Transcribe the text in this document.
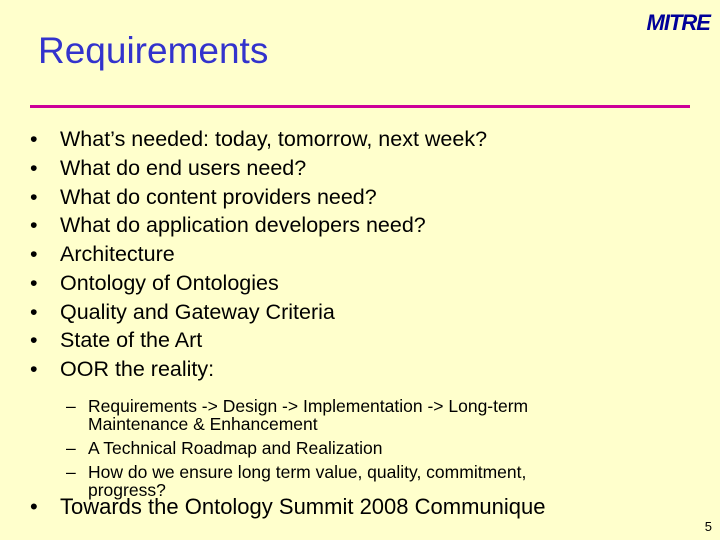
Requirements
MITRE
• What’s needed: today, tomorrow, next week?
• What do end users need?
• What do content providers need?
• What do application developers need?
• Architecture
• Ontology of Ontologies
• Quality and Gateway Criteria
• State of the Art
• OOR the reality:
– Requirements -> Design -> Implementation -> Long-term Maintenance & Enhancement
– A Technical Roadmap and Realization
– How do we ensure long term value, quality, commitment, progress?
• Towards the Ontology Summit 2008 Communique
5
